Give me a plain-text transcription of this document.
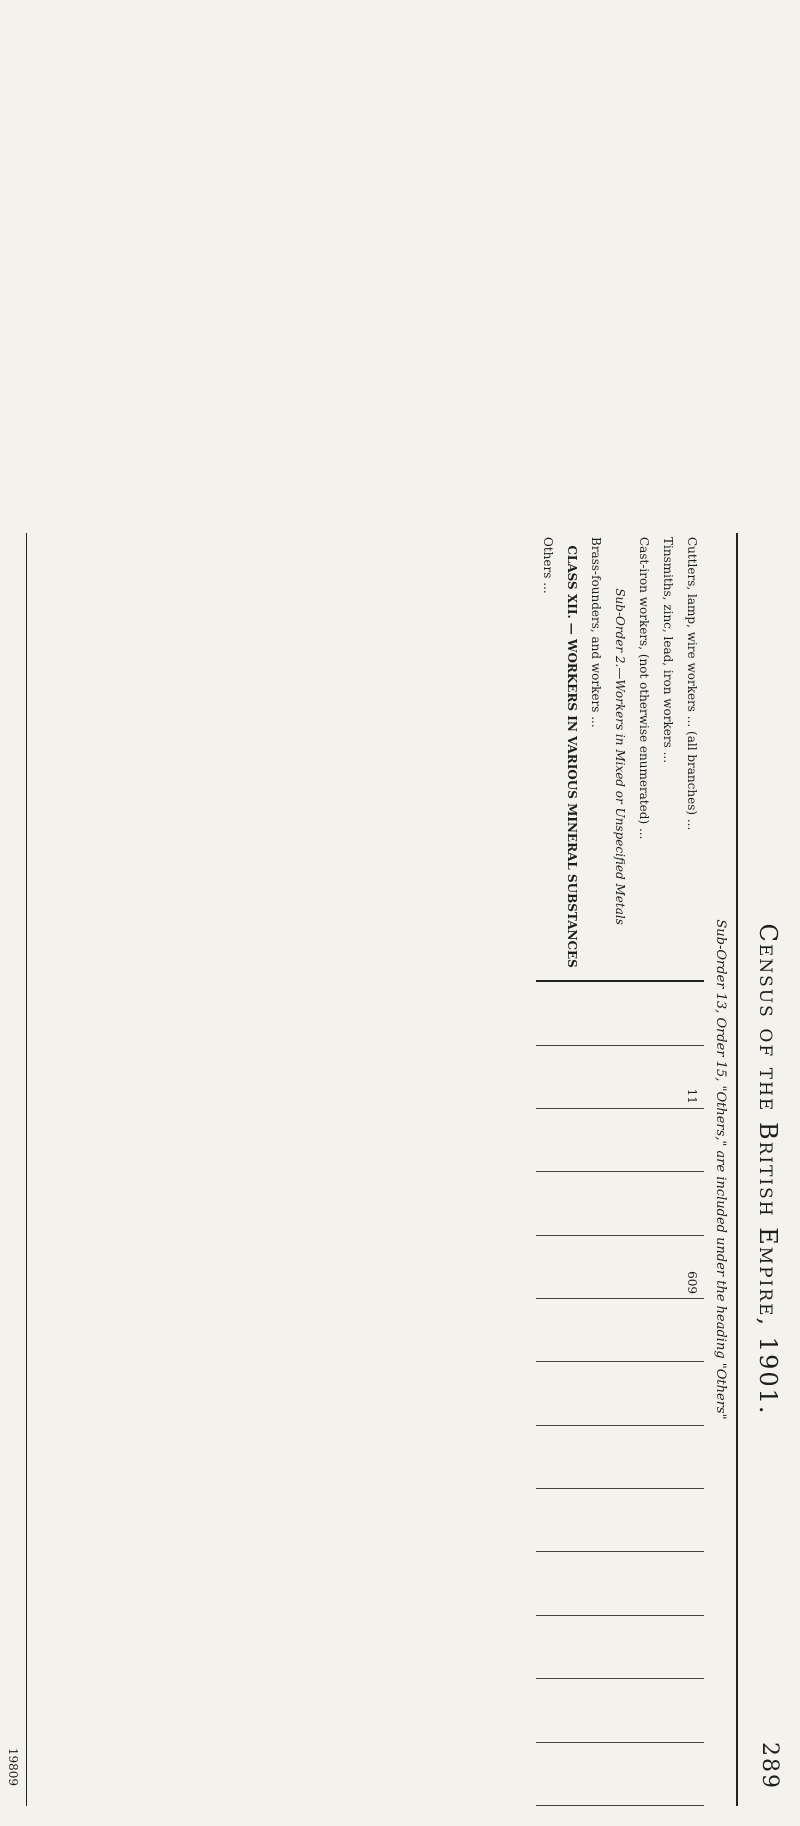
Census of the British Empire, 1901.
289
Sub-Order 13, Order 15, "Others," are included under the heading "Others"
Cuttlers, lamp, wire workers ... (all branches) ...		11			609								
Tinsmiths, zinc, lead, iron workers ...													
Cast-iron workers, (not otherwise enumerated) ...													
Sub-Order 2.—Workers in Mixed or Unspecified Metals													
Brass-founders, and workers ...													
CLASS XII. — WORKERS IN VARIOUS MINERAL SUBSTANCES													
Others ...													
19809
